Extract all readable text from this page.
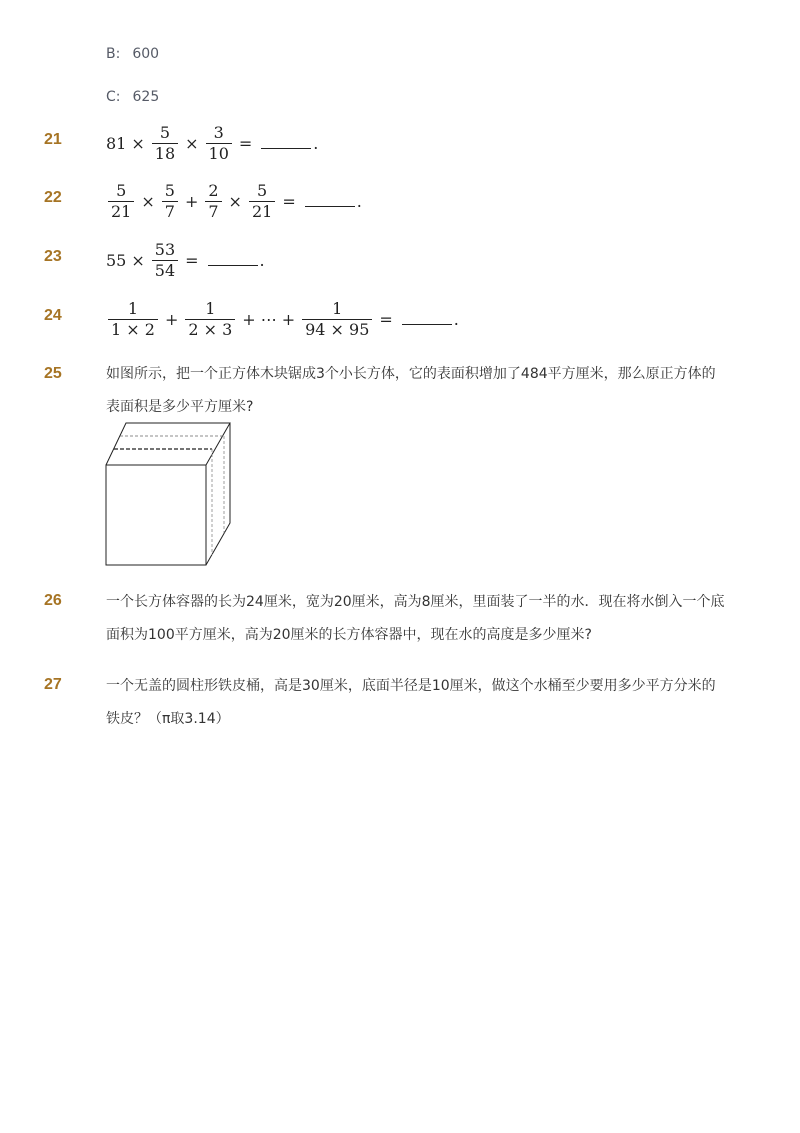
B: 600
C: 625
21	$81 \times \frac{5}{18} \times \frac{3}{10}$ =	.
22	$\frac{5}{21} \times \frac{5}{7} + \frac{2}{7} \times \frac{5}{21}$ =	.
23	$55 \times \frac{53}{54}$ =	.
24	$\frac{1}{1 \times 2} + \frac{1}{2 \times 3}$ + ⋯ + $\frac{1}{94 \times 95}$ =	.
25	如图所示，把一个正方体木块锯成3个小长方体，它的表面积增加了484平方厘米，那么原正方体的表面积是多少平方厘米?
26	一个长方体容器的长为24厘米，宽为20厘米，高为8厘米，里面装了一半的水．现在将水倒入一个底面积为100平方厘米，高为20厘米的长方体容器中，现在水的高度是多少厘米?
27	一个无盖的圆柱形铁皮桶，高是30厘米，底面半径是10厘米，做这个水桶至少要用多少平方分米的铁皮？（π取3.14）
